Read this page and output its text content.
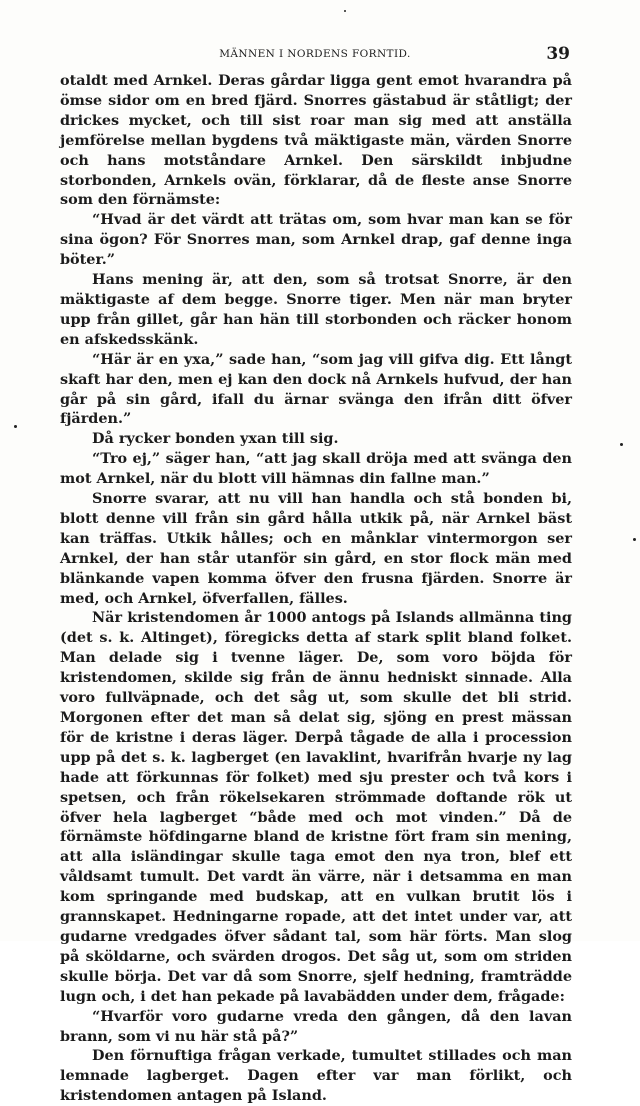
MÄNNEN I NORDENS FORNTID.	39

otaldt med Arnkel. Deras gårdar ligga gent emot hvarandra på ömse sidor om en bred fjärd. Snorres gästabud är ståtligt; der drickes mycket, och till sist roar man sig med att anställa jemförelse mellan bygdens två mäktigaste män, värden Snorre och hans motståndare Arnkel. Den särskildt inbjudne storbonden, Arnkels ovän, förklarar, då de fleste anse Snorre som den förnämste:

“Hvad är det värdt att trätas om, som hvar man kan se för sina ögon? För Snorres man, som Arnkel drap, gaf denne inga böter.”

Hans mening är, att den, som så trotsat Snorre, är den mäktigaste af dem begge. Snorre tiger. Men när man bryter upp från gillet, går han hän till storbonden och räcker honom en afskedsskänk.

“Här är en yxa,” sade han, “som jag vill gifva dig. Ett långt skaft har den, men ej kan den dock nå Arnkels hufvud, der han går på sin gård, ifall du ärnar svänga den ifrån ditt öfver fjärden.”

Då rycker bonden yxan till sig.

“Tro ej,” säger han, “att jag skall dröja med att svänga den mot Arnkel, när du blott vill hämnas din fallne man.”

Snorre svarar, att nu vill han handla och stå bonden bi, blott denne vill från sin gård hålla utkik på, när Arnkel bäst kan träffas. Utkik hålles; och en månklar vintermorgon ser Arnkel, der han står utanför sin gård, en stor flock män med blänkande vapen komma öfver den frusna fjärden. Snorre är med, och Arnkel, öfverfallen, fälles.

När kristendomen år 1000 antogs på Islands allmänna ting (det s. k. Altinget), föregicks detta af stark split bland folket. Man delade sig i tvenne läger. De, som voro böjda för kristendomen, skilde sig från de ännu hedniskt sinnade. Alla voro fullväpnade, och det såg ut, som skulle det bli strid. Morgonen efter det man så delat sig, sjöng en prest mässan för de kristne i deras läger. Derpå tågade de alla i procession upp på det s. k. lagberget (en lavaklint, hvarifrån hvarje ny lag hade att förkunnas för folket) med sju prester och två kors i spetsen, och från rökelsekaren strömmade doftande rök ut öfver hela lagberget “både med och mot vinden.” Då de förnämste höfdingarne bland de kristne fört fram sin mening, att alla isländingar skulle taga emot den nya tron, blef ett våldsamt tumult. Det vardt än värre, när i detsamma en man kom springande med budskap, att en vulkan brutit lös i grannskapet. Hedningarne ropade, att det intet under var, att gudarne vredgades öfver sådant tal, som här förts. Man slog på sköldarne, och svärden drogos. Det såg ut, som om striden skulle börja. Det var då som Snorre, sjelf hedning, framträdde lugn och, i det han pekade på lavabädden under dem, frågade:

“Hvarför voro gudarne vreda den gången, då den lavan brann, som vi nu här stå på?”

Den förnuftiga frågan verkade, tumultet stillades och man lemnade lagberget. Dagen efter var man förlikt, och kristendomen antagen på Island.
